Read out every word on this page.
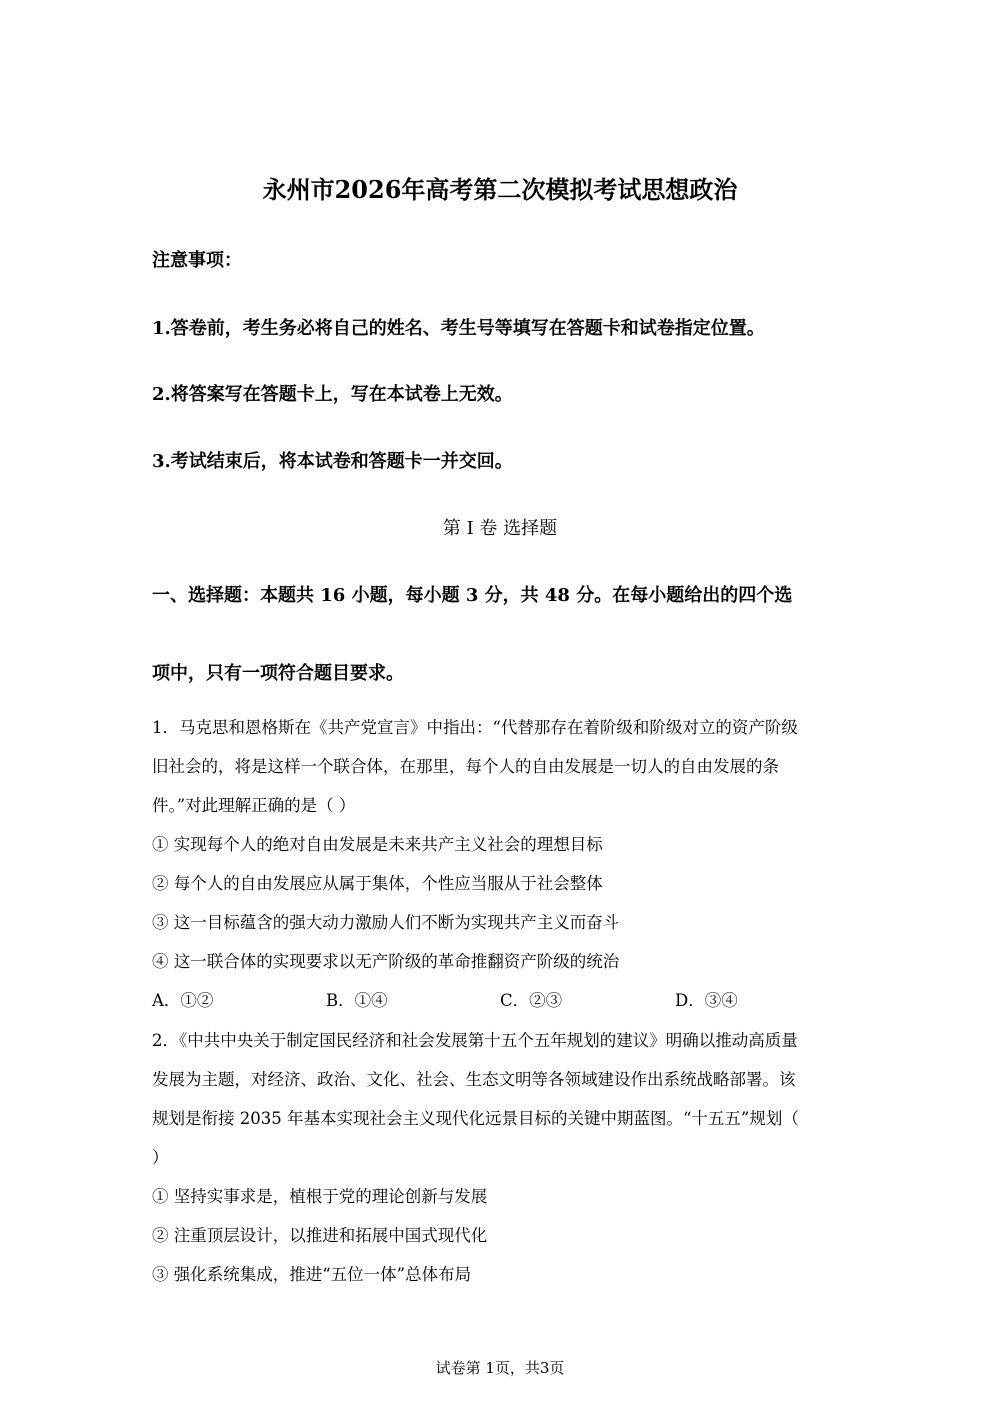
永州市2026年高考第二次模拟考试思想政治
注意事项：
1.答卷前，考生务必将自己的姓名、考生号等填写在答题卡和试卷指定位置。
2.将答案写在答题卡上，写在本试卷上无效。
3.考试结束后，将本试卷和答题卡一并交回。
第 I 卷 选择题
一、选择题：本题共 16 小题，每小题 3 分，共 48 分。在每小题给出的四个选
项中，只有一项符合题目要求。
1．马克思和恩格斯在《共产党宣言》中指出：“代替那存在着阶级和阶级对立的资产阶级
旧社会的，将是这样一个联合体，在那里，每个人的自由发展是一切人的自由发展的条
件。”对此理解正确的是（ ）
① 实现每个人的绝对自由发展是未来共产主义社会的理想目标
② 每个人的自由发展应从属于集体，个性应当服从于社会整体
③ 这一目标蕴含的强大动力激励人们不断为实现共产主义而奋斗
④ 这一联合体的实现要求以无产阶级的革命推翻资产阶级的统治
A．①②	B．①④	C．②③	D．③④
2．《中共中央关于制定国民经济和社会发展第十五个五年规划的建议》明确以推动高质量
发展为主题，对经济、政治、文化、社会、生态文明等各领域建设作出系统战略部署。该
规划是衔接 2035 年基本实现社会主义现代化远景目标的关键中期蓝图。“十五五”规划（
）
① 坚持实事求是，植根于党的理论创新与发展
② 注重顶层设计，以推进和拓展中国式现代化
③ 强化系统集成，推进“五位一体”总体布局
试卷第 1页，共3页
